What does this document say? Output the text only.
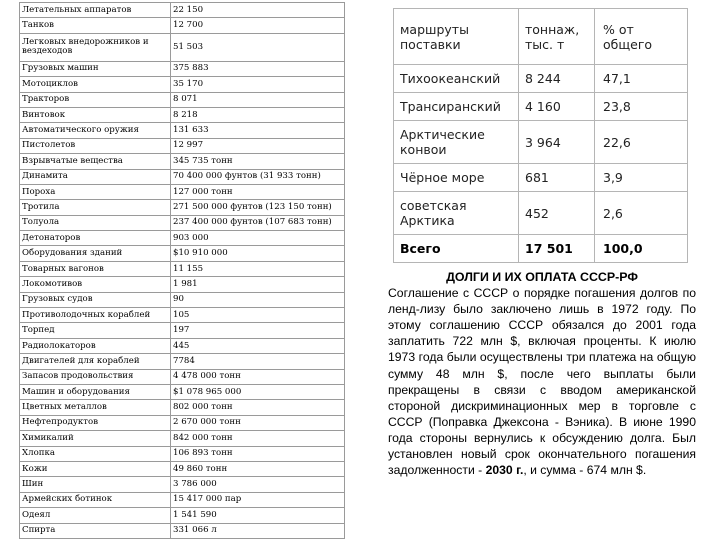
Летательных аппаратов	22 150
Танков	12 700
Легковых внедорожников и вездеходов	51 503
Грузовых машин	375 883
Мотоциклов	35 170
Тракторов	8 071
Винтовок	8 218
Автоматического оружия	131 633
Пистолетов	12 997
Взрывчатые вещества	345 735 тонн
Динамита	70 400 000 фунтов (31 933 тонн)
Пороха	127 000 тонн
Тротила	271 500 000 фунтов (123 150 тонн)
Толуола	237 400 000 фунтов (107 683 тонн)
Детонаторов	903 000
Оборудования зданий	$10 910 000
Товарных вагонов	11 155
Локомотивов	1 981
Грузовых судов	90
Противолодочных кораблей	105
Торпед	197
Радиолокаторов	445
Двигателей для кораблей	7784
Запасов продовольствия	4 478 000 тонн
Машин и оборудования	$1 078 965 000
Цветных металлов	802 000 тонн
Нефтепродуктов	2 670 000 тонн
Химикалий	842 000 тонн
Хлопка	106 893 тонн
Кожи	49 860 тонн
Шин	3 786 000
Армейских ботинок	15 417 000 пар
Одеял	1 541 590
Спирта	331 066 л
маршруты поставки	тоннаж, тыс. т	% от общего
Тихоокеанский	8 244	47,1
Трансиранский	4 160	23,8
Арктические конвои	3 964	22,6
Чёрное море	681	3,9
советская Арктика	452	2,6
Всего	17 501	100,0
ДОЛГИ И ИХ ОПЛАТА СССР-РФ

Соглашение с СССР о порядке погашения долгов по ленд-лизу было заключено лишь в 1972 году. По этому соглашению СССР обязался до 2001 года заплатить 722 млн $, включая проценты. К июлю 1973 года были осуществлены три платежа на общую сумму 48 млн $, после чего выплаты были прекращены в связи с вводом американской стороной дискриминационных мер в торговле с СССР (Поправка Джексона - Вэника). В июне 1990 года стороны вернулись к обсуждению долга. Был установлен новый срок окончательного погашения задолженности - 2030 г., и сумма - 674 млн $.
